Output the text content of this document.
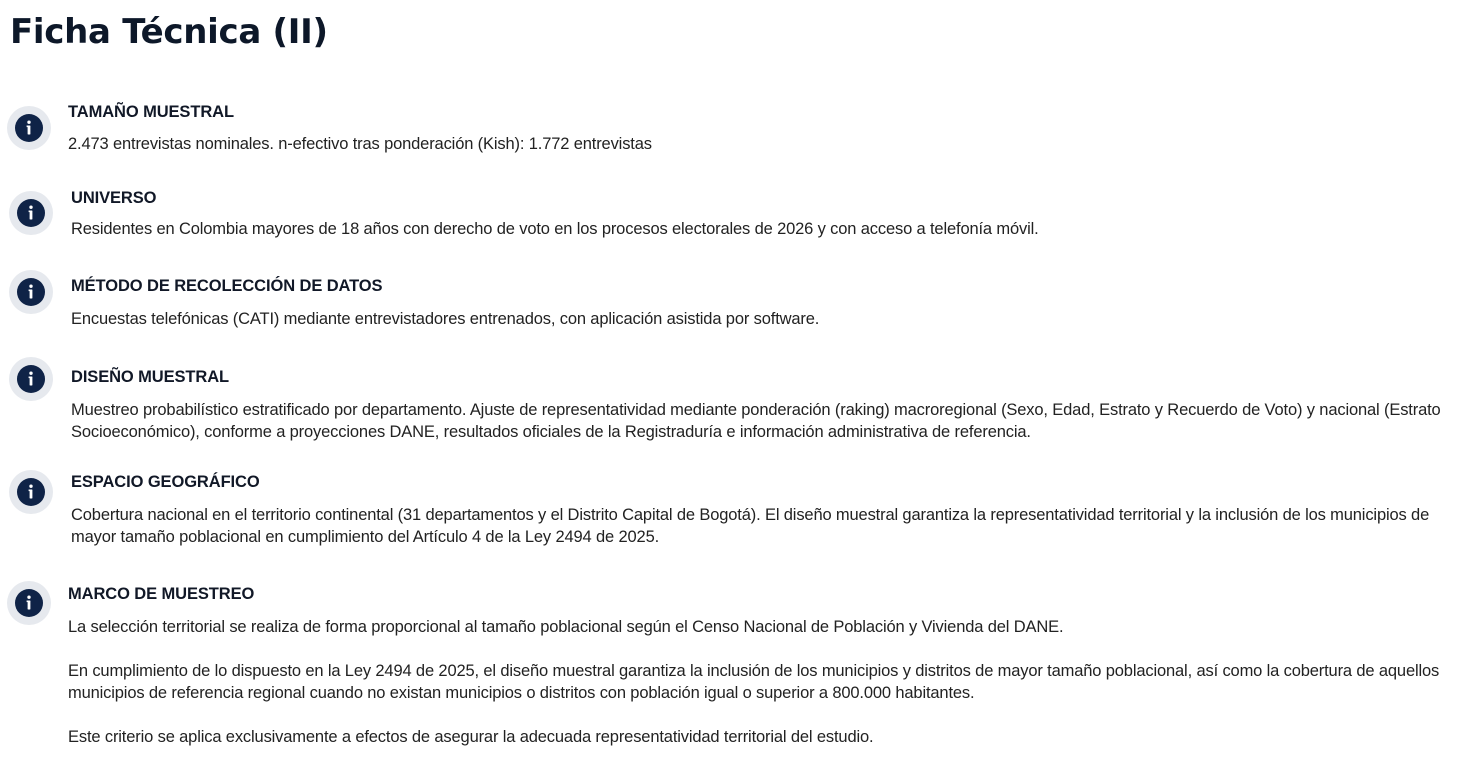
Ficha Técnica (II)
TAMAÑO MUESTRAL

2.473 entrevistas nominales. n-efectivo tras ponderación (Kish): 1.772 entrevistas

UNIVERSO

Residentes en Colombia mayores de 18 años con derecho de voto en los procesos electorales de 2026 y con acceso a telefonía móvil.

MÉTODO DE RECOLECCIÓN DE DATOS

Encuestas telefónicas (CATI) mediante entrevistadores entrenados, con aplicación asistida por software.

DISEÑO MUESTRAL

Muestreo probabilístico estratificado por departamento. Ajuste de representatividad mediante ponderación (raking) macroregional (Sexo, Edad, Estrato y Recuerdo de Voto) y nacional (Estrato Socioeconómico), conforme a proyecciones DANE, resultados oficiales de la Registraduría e información administrativa de referencia.

ESPACIO GEOGRÁFICO

Cobertura nacional en el territorio continental (31 departamentos y el Distrito Capital de Bogotá). El diseño muestral garantiza la representatividad territorial y la inclusión de los municipios de mayor tamaño poblacional en cumplimiento del Artículo 4 de la Ley 2494 de 2025.

MARCO DE MUESTREO

La selección territorial se realiza de forma proporcional al tamaño poblacional según el Censo Nacional de Población y Vivienda del DANE.

En cumplimiento de lo dispuesto en la Ley 2494 de 2025, el diseño muestral garantiza la inclusión de los municipios y distritos de mayor tamaño poblacional, así como la cobertura de aquellos municipios de referencia regional cuando no existan municipios o distritos con población igual o superior a 800.000 habitantes.

Este criterio se aplica exclusivamente a efectos de asegurar la adecuada representatividad territorial del estudio.
